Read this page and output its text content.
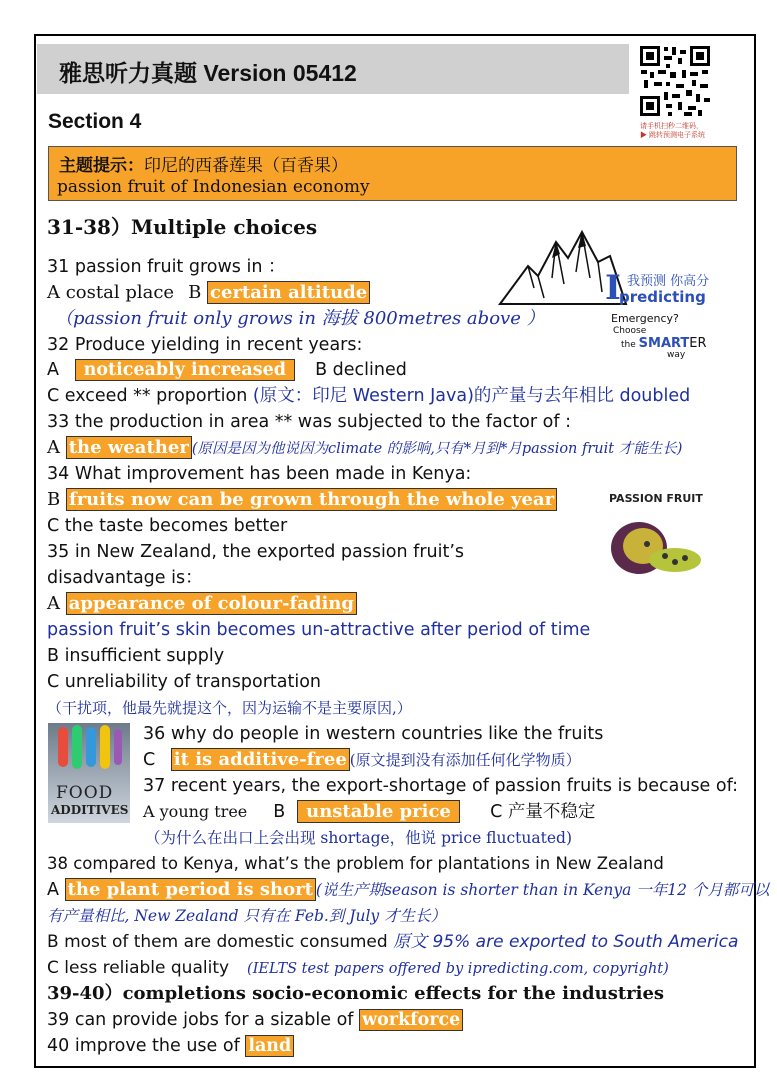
雅思听力真题 Version 05412
请手机扫秒二维码，
▶ 跳转预测电子系统
Section 4
主题提示：印尼的西番莲果（百香果）
passion fruit of Indonesian economy
31-38）Multiple choices
31 passion fruit grows in ：
A costal place B certain altitude
（passion fruit only grows in 海拔 800metres above ）
32 Produce yielding in recent years:
A  noticeably increased B declined
C exceed ** proportion (原文：印尼 Western Java)的产量与去年相比 doubled
33 the production in area ** was subjected to the factor of :
A the weather (原因是因为他说因为climate 的影响,只有*月到*月passion fruit 才能生长)
34 What improvement has been made in Kenya:
B fruits now can be grown through the whole year
C the taste becomes better
35 in New Zealand, the exported passion fruit’s
disadvantage is：
A appearance of colour-fading
passion fruit’s skin becomes un-attractive after period of time
B insufficient supply
C unreliability of transportation
（干扰项，他最先就提这个，因为运输不是主要原因,）
FOOD
ADDITIVES
36 why do people in western countries like the fruits
C it is additive-free (原文提到没有添加任何化学物质）
37 recent years, the export-shortage of passion fruits is because of:
A young tree B  unstable price C 产量不稳定
（为什么在出口上会出现 shortage，他说 price fluctuated)
38 compared to Kenya, what’s the problem for plantations in New Zealand
A the plant period is short (说生产期season is shorter than in Kenya 一年12 个月都可以
有产量相比, New Zealand 只有在 Feb.到 July 才生长）
B most of them are domestic consumed 原文 95% are exported to South America
C less reliable quality (IELTS test papers offered by ipredicting.com, copyright)
39-40）completions socio-economic effects for the industries
39 can provide jobs for a sizable of workforce
40 improve the use of land
I 我预测 你高分
predicting
Emergency?
Choose
the SMARTER
way
PASSION FRUIT
